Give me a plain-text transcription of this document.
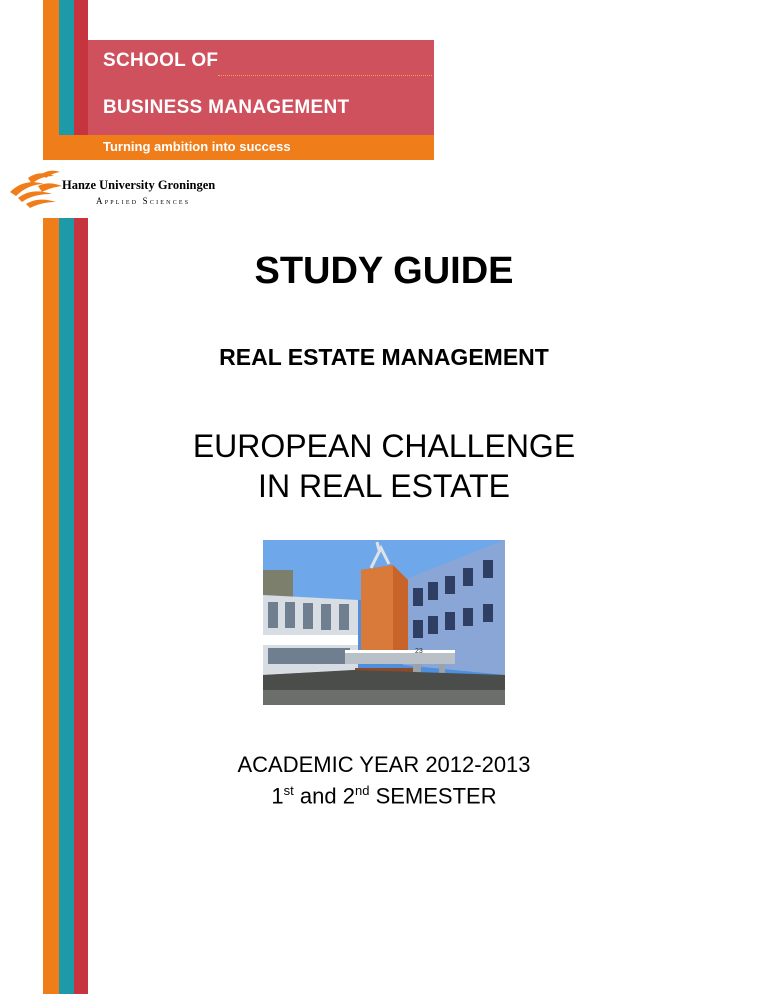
SCHOOL OF
BUSINESS MANAGEMENT
Turning ambition into success
Hanze University Groningen
Applied Sciences
STUDY GUIDE
REAL ESTATE MANAGEMENT
EUROPEAN CHALLENGE
IN REAL ESTATE
23
ACADEMIC YEAR 2012-2013
1st and 2nd SEMESTER
